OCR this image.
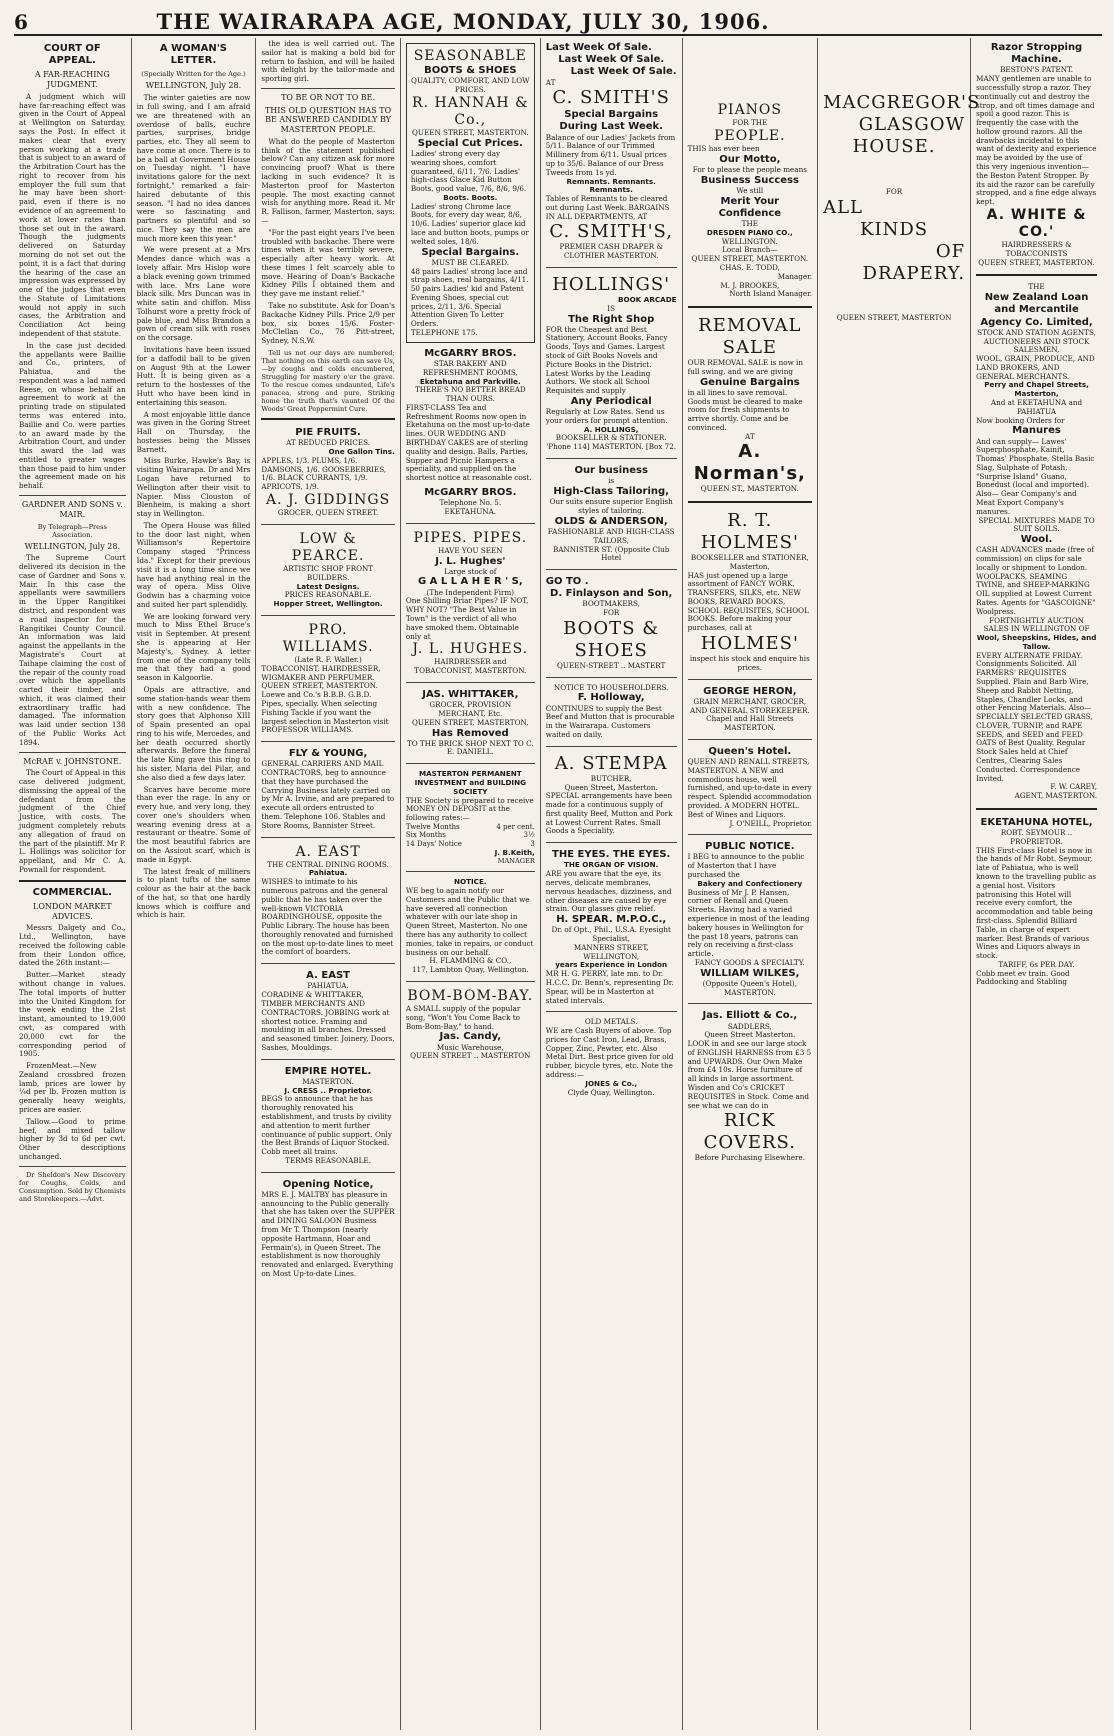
6	THE WAIRARAPA AGE, MONDAY, JULY 30, 1906.
COURT OF APPEAL.
A FAR-REACHING JUDGMENT.

A judgment which will have far-reaching effect was given in the Court of Appeal at Wellington on Saturday, says the Post. In effect it makes clear that every person working at a trade that is subject to an award of the Arbitration Court has the right to recover from his employer the full sum that he may have been short-paid, even if there is no evidence of an agreement to work at lower rates than those set out in the award. Though the judgments delivered on Saturday morning do not set out the point, it is a fact that during the hearing of the case an impression was expressed by one of the judges that even the Statute of Limitations would not apply in such cases, the Arbitration and Conciliation Act being independent of that statute.

In the case just decided the appellants were Baillie and Co., printers, of Pahiatua, and the respondent was a lad named Reese, on whose behalf an agreement to work at the printing trade on stipulated terms was entered into. Baillie and Co. were parties to an award made by the Arbitration Court, and under this award the lad was entitled to greater wages than those paid to him under the agreement made on his behalf.

GARDNER AND SONS v. MAIR.
By Telegraph—Press Association.
WELLINGTON, July 28.

The Supreme Court delivered its decision in the case of Gardner and Sons v. Mair. In this case the appellants were sawmillers in the Upper Rangitikei district, and respondent was a road inspector for the Rangitikei County Council. An information was laid against the appellants in the Magistrate's Court at Taihape claiming the cost of the repair of the county road over which the appellants carted their timber, and which, it was claimed their extraordinary traffic had damaged. The information was laid under section 138 of the Public Works Act 1894.

McRAE v. JOHNSTONE.

The Court of Appeal in this case delivered judgment, dismissing the appeal of the defendant from the judgment of the Chief Justice, with costs. The judgment completely rebuts any allegation of fraud on the part of the plaintiff. Mr P. L. Hollings was solicitor for appellant, and Mr C. A. Pownall for respondent.

COMMERCIAL.
LONDON MARKET ADVICES.

Messrs Dalgety and Co., Ltd., Wellington, have received the following cable from their London office, dated the 26th instant:—

Butter.—Market steady without change in values. The total imports of butter into the United Kingdom for the week ending the 21st instant, amounted to 19,000 cwt, as compared with 20,000 cwt for the corresponding period of 1905.

FrozenMeat.—New Zealand crossbred frozen lamb, prices are lower by ¼d per lb. Frozen mutton is generally heavy weights, prices are easier.

Tallow.—Good to prime beef, and mixed tallow higher by 3d to 6d per cwt. Other descriptions unchanged.

Dr Sheldon's New Discovery for Coughs, Colds, and Consumption. Sold by Chemists and Storekeepers.—Advt.

A WOMAN'S LETTER.
(Specially Written for the Age.)
WELLINGTON, July 28.

The winter gaieties are now in full swing, and I am afraid we are threatened with an overdose of balls, euchre parties, surprises, bridge parties, etc. They all seem to have come at once. There is to be a ball at Government House on Tuesday night. "I have invitations galore for the next fortnight," remarked a fair-haired debutante of this season. "I had no idea dances were so fascinating and partners so plentiful and so nice. They say the men are much more keen this year."

We were present at a Mrs Mendes dance which was a lovely affair. Mrs Hislop wore a black evening gown trimmed with lace. Mrs Lane wore black silk. Mrs Duncan was in white satin and chiffon. Miss Tolhurst wore a pretty frock of pale blue, and Miss Brandon a gown of cream silk with roses on the corsage.

Invitations have been issued for a daffodil ball to be given on August 9th at the Lower Hutt. It is being given as a return to the hostesses of the Hutt who have been kind in entertaining this season.

A most enjoyable little dance was given in the Goring Street Hall on Thursday, the hostesses being the Misses Barnett.

Miss Burke, Hawke's Bay, is visiting Wairarapa. Dr and Mrs Logan have returned to Wellington after their visit to Napier. Miss Clouston of Blenheim, is making a short stay in Wellington.

The Opera House was filled to the door last night, when Williamson's Repertoire Company staged "Princess Ida." Except for their previous visit it is a long time since we have had anything real in the way of opera. Miss Olive Godwin has a charming voice and suited her part splendidly.

We are looking forward very much to Miss Ethel Bruce's visit in September. At present she is appearing at Her Majesty's, Sydney. A letter from one of the company tells me that they had a good season in Kalgoorlie.

Opals are attractive, and some station-hands wear them with a new confidence. The story goes that Alphonso XIII of Spain presented an opal ring to his wife, Mercedes, and her death occurred shortly afterwards. Before the funeral the late King gave this ring to his sister, Maria del Pilar, and she also died a few days later.

Scarves have become more than ever the rage. In any or every hue, and very long, they cover one's shoulders when wearing evening dress at a restaurant or theatre. Some of the most beautiful fabrics are on the Assiout scarf, which is made in Egypt.

The latest freak of milliners is to plant tufts of the same colour as the hair at the back of the hat, so that one hardly knows which is coiffure and which is hair.

the idea is well carried out. The sailor hat is making a bold bid for return to fashion, and will be hailed with delight by the tailor-made and sporting girl.

TO BE OR NOT TO BE.
THIS OLD QUESTION HAS TO BE ANSWERED CANDIDLY BY MASTERTON PEOPLE.

What do the people of Masterton think of the statement published below? Can any citizen ask for more convincing proof? What is there lacking in such evidence? It is Masterton proof for Masterton people. The most exacting cannot wish for anything more. Read it. Mr R. Fallison, farmer, Masterton, says:—

"For the past eight years I've been troubled with backache. There were times when it was terribly severe, especially after heavy work. At these times I felt scarcely able to move. Hearing of Doan's Backache Kidney Pills I obtained them and they gave me instant relief."

Take no substitute. Ask for Doan's Backache Kidney Pills. Price 2/9 per box, six boxes 15/6. Foster-McClellan Co., 76 Pitt-street, Sydney, N.S.W.

Tell us not our days are numbered; That nothing on this earth can save Us,—by coughs and colds encumbered, Struggling for mastery o'er the grave. To the rescue comes undaunted, Life's panacea, strong and pure, Striking home the truth that's vaunted Of the Woods' Great Peppermint Cure.

PIE FRUITS.
AT REDUCED PRICES.
One Gallon Tins.
APPLES, 1/3. PLUMS, 1/6. DAMSONS, 1/6. GOOSEBERRIES, 1/6. BLACK CURRANTS, 1/9. APRICOTS, 1/9.
A. J. GIDDINGS
GROCER, QUEEN STREET.
LOW & PEARCE.
ARTISTIC SHOP FRONT BUILDERS.
Latest Designs.
PRICES REASONABLE.
Hopper Street, Wellington.
PRO. WILLIAMS.
(Late R. F. Waller.)
TOBACCONIST, HAIRDRESSER, WIGMAKER AND PERFUMER. QUEEN STREET, MASTERTON. Loewe and Co.'s B.B.B. G.B.D. Pipes, specially. When selecting Fishing Tackle if you want the largest selection in Masterton visit PROFESSOR WILLIAMS.
FLY & YOUNG,
GENERAL CARRIERS AND MAIL CONTRACTORS, beg to announce that they have purchased the Carrying Business lately carried on by Mr A. Irvine, and are prepared to execute all orders entrusted to them. Telephone 106. Stables and Store Rooms, Bannister Street.
A. EAST
THE CENTRAL DINING ROOMS.
Pahiatua.
WISHES to intimate to his numerous patrons and the general public that he has taken over the well-known VICTORIA BOARDINGHOUSE, opposite the Public Library. The house has been thoroughly renovated and furnished on the most up-to-date lines to meet the comfort of boarders.
A. EAST
PAHIATUA.
CORADINE & WHITTAKER, TIMBER MERCHANTS AND CONTRACTORS. JOBBING work at shortest notice. Framing and moulding in all branches. Dressed and seasoned timber. Joinery, Doors, Sashes, Mouldings.
EMPIRE HOTEL.
MASTERTON.
J. CRESS .. Proprietor.
BEGS to announce that he has thoroughly renovated his establishment, and trusts by civility and attention to merit further continuance of public support. Only the Best Brands of Liquor Stocked. Cobb meet all trains.
TERMS REASONABLE.
Opening Notice,
MRS E. J. MALTBY has pleasure in announcing to the Public generally that she has taken over the SUPPER and DINING SALOON Business from Mr T. Thompson (nearly opposite Hartmann, Hoar and Fermain's), in Queen Street. The establishment is now thoroughly renovated and enlarged. Everything on Most Up-to-date Lines.
SEASONABLE
BOOTS & SHOES
QUALITY, COMFORT, AND LOW PRICES.
R. HANNAH & Co.,
QUEEN STREET, MASTERTON.
Special Cut Prices.
Ladies' strong every day wearing shoes, comfort guaranteed, 6/11, 7/6. Ladies' high-class Glace Kid Button Boots, good value, 7/6, 8/6, 9/6.
Boots. Boots.
Ladies' strong Chrome lace Boots, for every day wear, 8/6, 10/6. Ladies' superior glace kid lace and button boots, pumps or welted soles, 18/6.
Special Bargains.
MUST BE CLEARED.
48 pairs Ladies' strong lace and strap shoes, real bargains, 4/11. 50 pairs Ladies' kid and Patent Evening Shoes, special cut prices, 2/11, 3/6. Special Attention Given To Letter Orders.
TELEPHONE 175.
McGARRY BROS.
STAR BAKERY AND REFRESHMENT ROOMS,
Eketahuna and Parkville.
THERE'S NO BETTER BREAD THAN OURS.
FIRST-CLASS Tea and Refreshment Rooms now open in Eketahuna on the most up-to-date lines. OUR WEDDING AND BIRTHDAY CAKES are of sterling quality and design. Balls, Parties, Supper and Picnic Hampers a speciality, and supplied on the shortest notice at reasonable cost.
McGARRY BROS.
Telephone No. 5.
EKETAHUNA.
PIPES. PIPES.
HAVE YOU SEEN
J. L. Hughes'
Large stock of
G A L L A H E R ' S,
(The Independent Firm)
One Shilling Briar Pipes? IF NOT, WHY NOT? "The Best Value in Town" is the verdict of all who have smoked them. Obtainable only at
J. L. HUGHES.
HAIRDRESSER and TOBACCONIST, MASTERTON.
JAS. WHITTAKER,
GROCER, PROVISION MERCHANT, Etc.
QUEEN STREET, MASTERTON,
Has Removed
TO THE BRICK SHOP NEXT TO C. E. DANIELL.
MASTERTON PERMANENT INVESTMENT and BUILDING SOCIETY
THE Society is prepared to receive MONEY ON DEPOSIT at the following rates:—
Twelve Months	4 per cent.
Six Months	3½
14 Days' Notice	3
J. B.Keith,
MANAGER
NOTICE.
WE beg to again notify our Customers and the Public that we have severed all connection whatever with our late shop in Queen Street, Masterton. No one there has any authority to collect monies, take in repairs, or conduct business on our behalf.
H. FLAMMING & CO.,
117, Lambton Quay, Wellington.
BOM-BOM-BAY.
A SMALL supply of the popular song, "Won't You Come Back to Bom-Bom-Bay," to hand.
Jas. Candy,
Music Warehouse,
QUEEN STREET .. MASTERTON
Last Week Of Sale.
Last Week Of Sale.
Last Week Of Sale.
AT
C. SMITH'S
Special Bargains During Last Week.
Balance of our Ladies' Jackets from 5/11. Balance of our Trimmed Millinery from 6/11. Usual prices up to 35/6. Balance of our Dress Tweeds from 1s yd.
Remnants. Remnants. Remnants.
Tables of Remnants to be cleared out during Last Week. BARGAINS IN ALL DEPARTMENTS, AT
C. SMITH'S,
PREMIER CASH DRAPER & CLOTHIER MASTERTON.
HOLLINGS'
BOOK ARCADE
IS
The Right Shop
FOR the Cheapest and Best Stationery, Account Books, Fancy Goods, Toys and Games. Largest stock of Gift Books Novels and Picture Books in the District. Latest Works by the Leading Authors. We stock all School Requisites and supply
Any Periodical
Regularly at Low Rates. Send us your orders for prompt attention.
A. HOLLINGS,
BOOKSELLER & STATIONER.
'Phone 114] MASTERTON. [Box 72.
Our business
is
High-Class Tailoring,
Our suits ensure superior English styles of tailoring.
OLDS & ANDERSON,
FASHIONABLE AND HIGH-CLASS TAILORS,
BANNISTER ST. (Opposite Club Hotel
GO TO .
D. Finlayson and Son,
BOOTMAKERS,
FOR
BOOTS & SHOES
QUEEN-STREET .. MASTERT
NOTICE TO HOUSEHOLDERS.
F. Holloway,
CONTINUES to supply the Best Beef and Mutton that is procurable in the Wairarapa. Customers waited on daily.
A. STEMPA
BUTCHER,
Queen Street, Masterton.
SPECIAL arrangements have been made for a continuous supply of first quality Beef, Mutton and Pork at Lowest Current Rates. Small Goods a Speciality.
THE EYES. THE EYES.
THE ORGAN OF VISION.
ARE you aware that the eye, its nerves, delicate membranes, nervous headaches, dizziness, and other diseases are caused by eye strain. Our glasses give relief.
H. SPEAR. M.P.O.C.,
Dr. of Opt., Phil., U.S.A. Eyesight Specialist,
MANNERS STREET, WELLINGTON,
years Experience in London
MR H. G. PERRY, late mn. to Dr. H.C.C. Dr. Benn's, representing Dr. Spear, will be in Masterton at stated intervals.
OLD METALS.
WE are Cash Buyers of above. Top prices for Cast Iron, Lead, Brass, Copper, Zinc, Pewter, etc. Also Metal Dirt. Best price given for old rubber, bicycle tyres, etc. Note the address:—
JONES & Co.,
Clyde Quay, Wellington.
PIANOS
FOR THE
PEOPLE.
THIS has ever been
Our Motto,
For to please the people means
Business Success
We still
Merit Your Confidence
THE
DRESDEN PIANO CO.,
WELLINGTON.
Local Branch—
QUEEN STREET, MASTERTON.
CHAS. E. TODD,
Manager.
M. J. BROOKES,
North Island Manager.
REMOVAL SALE
OUR REMOVAL SALE is now in full swing, and we are giving
Genuine Bargains
in all lines to save removal. Goods must be cleared to make room for fresh shipments to arrive shortly. Come and be convinced.
AT
A. Norman's,
QUEEN ST., MASTERTON.
R. T. HOLMES'
BOOKSELLER and STATIONER,
Masterton,
HAS just opened up a large assortment of FANCY WORK, TRANSFERS, SILKS, etc. NEW BOOKS, REWARD BOOKS, SCHOOL REQUISITES, SCHOOL BOOKS. Before making your purchases, call at
HOLMES'
inspect his stock and enquire his prices.
GEORGE HERON,
GRAIN MERCHANT, GROCER, AND GENERAL STOREKEEPER. Chapel and Hall Streets
MASTERTON.
Queen's Hotel.
QUEEN AND RENALL STREETS, MASTERTON. A NEW and commodious house, well furnished, and up-to-date in every respect. Splendid accommodation provided. A MODERN HOTEL. Best of Wines and Liquors.
J. O'NEILL, Proprietor.
PUBLIC NOTICE.
I BEG to announce to the public of Masterton that I have purchased the
Bakery and Confectionery
Business of Mr J. P. Hansen, corner of Renall and Queen Streets. Having had a varied experience in most of the leading bakery houses in Wellington for the past 18 years, patrons can rely on receiving a first-class article.
FANCY GOODS A SPECIALTY.
WILLIAM WILKES,
(Opposite Queen's Hotel), MASTERTON.
Jas. Elliott & Co.,
SADDLERS,
Queen Street Masterton.
LOOK in and see our large stock of ENGLISH HARNESS from £3 5 and UPWARDS. Our Own Make from £4 10s. Horse furniture of all kinds in large assortment. Wisden and Co's CRICKET REQUISITES in Stock. Come and see what we can do in
RICK COVERS.
Before Purchasing Elsewhere.
MACGREGOR'S
GLASGOW
HOUSE.
FOR
ALL
KINDS
OF
DRAPERY.
QUEEN STREET, MASTERTON
Razor Stropping Machine.
BESTON'S PATENT.
MANY gentlemen are unable to successfully strop a razor. They continually cut and destroy the strop, and oft times damage and spoil a good razor. This is frequently the case with the hollow ground razors. All the drawbacks incidental to this want of dexterity and experience may be avoided by the use of this very ingenious invention—the Beston Patent Stropper. By its aid the razor can be carefully stropped, and a fine edge always kept.
A. WHITE & CO.'
HAIRDRESSERS & TOBACCONISTS
QUEEN STREET, MASTERTON.
THE
New Zealand Loan and Mercantile Agency Co. Limited,
STOCK AND STATION AGENTS, AUCTIONEERS AND STOCK SALESMEN,
WOOL, GRAIN, PRODUCE, AND LAND BROKERS, AND GENERAL MERCHANTS.
Perry and Chapel Streets, Masterton,
And at EKETAHUNA and PAHIATUA
Now booking Orders for
Manures
And can supply— Lawes' Superphosphate, Kainit, Thomas' Phosphate, Stella Basic Slag, Sulphate of Potash, "Surprise Island" Guano, Bonedust (local and imported). Also— Gear Company's and Meat Export Company's manures.
SPECIAL MIXTURES MADE TO SUIT SOILS.
Wool.
CASH ADVANCES made (free of commission) on clips for sale locally or shipment to London. WOOLPACKS, SEAMING TWINE, and SHEEP-MARKING OIL supplied at Lowest Current Rates. Agents for "GASCOIGNE" Woolpress.
FORTNIGHTLY AUCTION SALES IN WELLINGTON OF
Wool, Sheepskins, Hides, and Tallow.
EVERY ALTERNATE FRIDAY. Consignments Solicited. All FARMERS' REQUISITES Supplied. Plain and Barb Wire, Sheep and Rabbit Netting, Staples, Chandler Locks, and other Fencing Materials. Also— SPECIALLY SELECTED GRASS, CLOVER, TURNIP, and RAPE SEEDS, and SEED and FEED OATS of Best Quality. Regular Stock Sales held at Chief Centres, Clearing Sales Conducted. Correspondence Invited.
F. W. CAREY,
AGENT, MASTERTON.
EKETAHUNA HOTEL,
ROBT. SEYMOUR .. PROPRIETOR.
THIS First-class Hotel is now in the hands of Mr Robt. Seymour, late of Pahiatua, who is well known to the travelling public as a genial host. Visitors patronising this Hotel will receive every comfort, the accommodation and table being first-class. Splendid Billiard Table, in charge of expert marker. Best Brands of various Wines and Liquors always in stock.
TARIFF, 6s PER DAY.
Cobb meet ev train. Good Paddocking and Stabling
